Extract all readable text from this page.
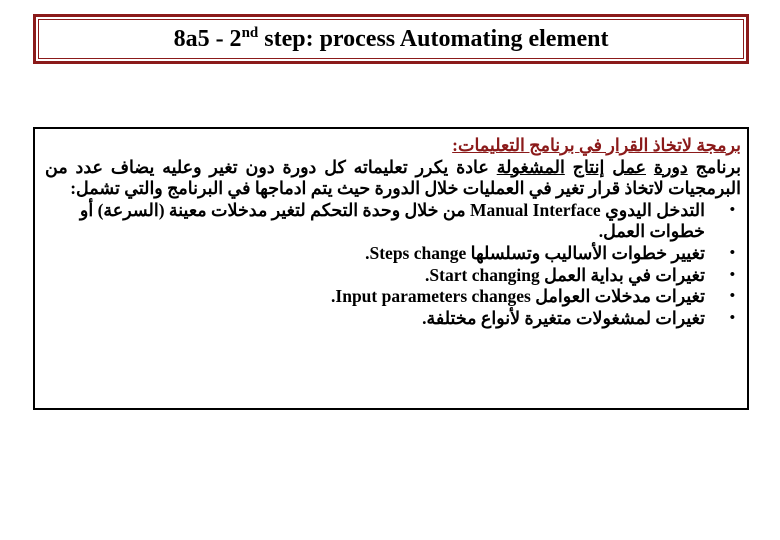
8a5 - 2nd step: process Automating element
برمجة لاتخاذ القرار في برنامج التعليمات:
برنامج دورة عمل إنتاج المشغولة عادة يكرر تعليماته كل دورة دون تغير وعليه يضاف عدد من البرمجيات لاتخاذ قرار تغير في العمليات خلال الدورة حيث يتم ادماجها في البرنامج والتي تشمل:
•
التدخل اليدوي Manual Interface من خلال وحدة التحكم لتغير مدخلات معينة (السرعة) أو خطوات العمل.
•
تغيير خطوات الأساليب وتسلسلها Steps change.
•
تغيرات في بداية العمل Start changing.
•
تغيرات مدخلات العوامل Input parameters changes.
•
تغيرات لمشغولات متغيرة لأنواع مختلفة.
